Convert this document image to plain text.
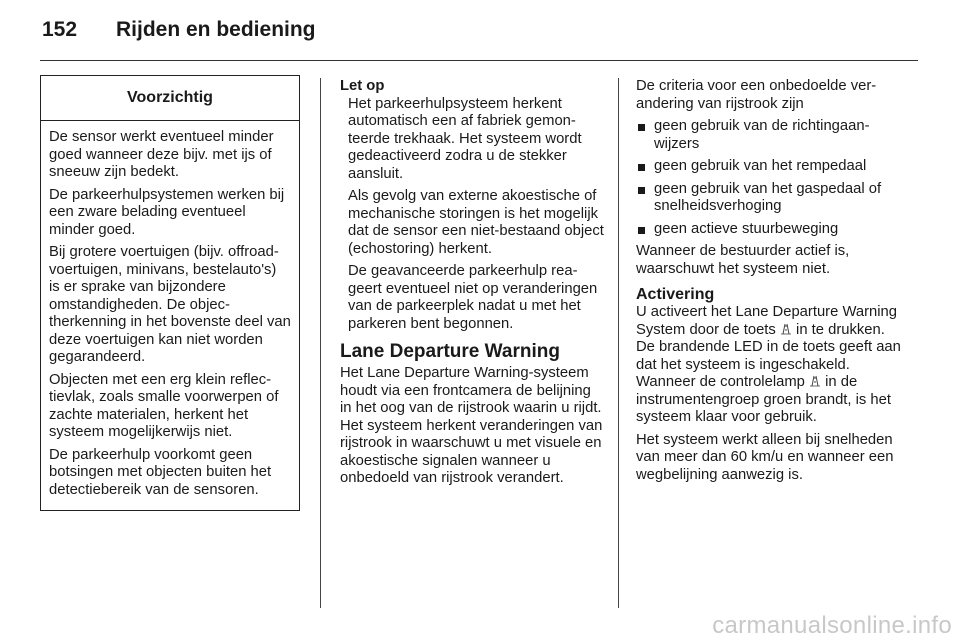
152 Rijden en bediening
Voorzichtig

De sensor werkt eventueel minder goed wanneer deze bijv. met ijs of sneeuw zijn bedekt.

De parkeerhulpsystemen werken bij een zware belading eventueel minder goed.

Bij grotere voertuigen (bijv. offroad-voertuigen, minivans, bestelauto's) is er sprake van bijzondere omstandigheden. De objectherkenning in het bovenste deel van deze voertuigen kan niet worden gegarandeerd.

Objecten met een erg klein reflectievlak, zoals smalle voorwerpen of zachte materialen, herkent het systeem mogelijkerwijs niet.

De parkeerhulp voorkomt geen botsingen met objecten buiten het detectiebereik van de sensoren.

Let op

Het parkeerhulpsysteem herkent automatisch een af fabriek gemonteerde trekhaak. Het systeem wordt gedeactiveerd zodra u de stekker aansluit.

Als gevolg van externe akoestische of mechanische storingen is het mogelijk dat de sensor een niet-bestaand object (echostoring) herkent.

De geavanceerde parkeerhulp reageert eventueel niet op veranderingen van de parkeerplek nadat u met het parkeren bent begonnen.

Lane Departure Warning

Het Lane Departure Warning-systeem houdt via een frontcamera de belijning in het oog van de rijstrook waarin u rijdt. Het systeem herkent veranderingen van rijstrook in waarschuwt u met visuele en akoestische signalen wanneer u onbedoeld van rijstrook verandert.

De criteria voor een onbedoelde verandering van rijstrook zijn

geen gebruik van de richtingaanwijzers
geen gebruik van het rempedaal
geen gebruik van het gaspedaal of snelheidsverhoging
geen actieve stuurbeweging

Wanneer de bestuurder actief is, waarschuwt het systeem niet.

Activering

U activeert het Lane Departure Warning System door de toets  in te drukken. De brandende LED in de toets geeft aan dat het systeem is ingeschakeld. Wanneer de controlelamp  in de instrumentengroep groen brandt, is het systeem klaar voor gebruik.

Het systeem werkt alleen bij snelheden van meer dan 60 km/u en wanneer een wegbelijning aanwezig is.

carmanualsonline.info
